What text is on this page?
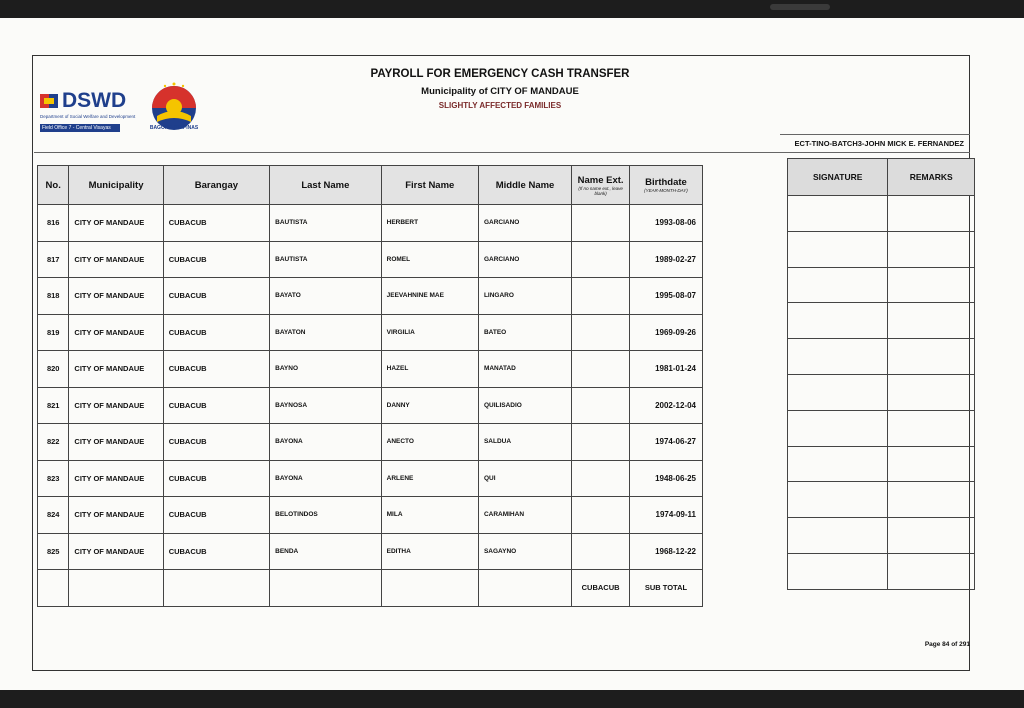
DSWD
Department of Social Welfare and Development
Field Office 7 - Central Visayas	BAGONG PILIPINAS
PAYROLL FOR EMERGENCY CASH TRANSFER
Municipality of CITY OF MANDAUE
SLIGHTLY AFFECTED FAMILIES
ECT-TINO-BATCH3-JOHN MICK E. FERNANDEZ
No.	Municipality	Barangay	Last Name	First Name	Middle Name	Name Ext.
(If no name ext., leave blank)	Birthdate
(YEAR-MONTH-DAY)

816	CITY OF MANDAUE	CUBACUB	BAUTISTA	HERBERT	GARCIANO		1993-08-06
817	CITY OF MANDAUE	CUBACUB	BAUTISTA	ROMEL	GARCIANO		1989-02-27
818	CITY OF MANDAUE	CUBACUB	BAYATO	JEEVAHNINE MAE	LINGARO		1995-08-07
819	CITY OF MANDAUE	CUBACUB	BAYATON	VIRGILIA	BATEO		1969-09-26
820	CITY OF MANDAUE	CUBACUB	BAYNO	HAZEL	MANATAD		1981-01-24
821	CITY OF MANDAUE	CUBACUB	BAYNOSA	DANNY	QUILISADIO		2002-12-04
822	CITY OF MANDAUE	CUBACUB	BAYONA	ANECTO	SALDUA		1974-06-27
823	CITY OF MANDAUE	CUBACUB	BAYONA	ARLENE	QUI		1948-06-25
824	CITY OF MANDAUE	CUBACUB	BELOTINDOS	MILA	CARAMIHAN		1974-09-11
825	CITY OF MANDAUE	CUBACUB	BENDA	EDITHA	SAGAYNO		1968-12-22
						CUBACUB	SUB TOTAL
SIGNATURE	REMARKS

Page 84 of 291
